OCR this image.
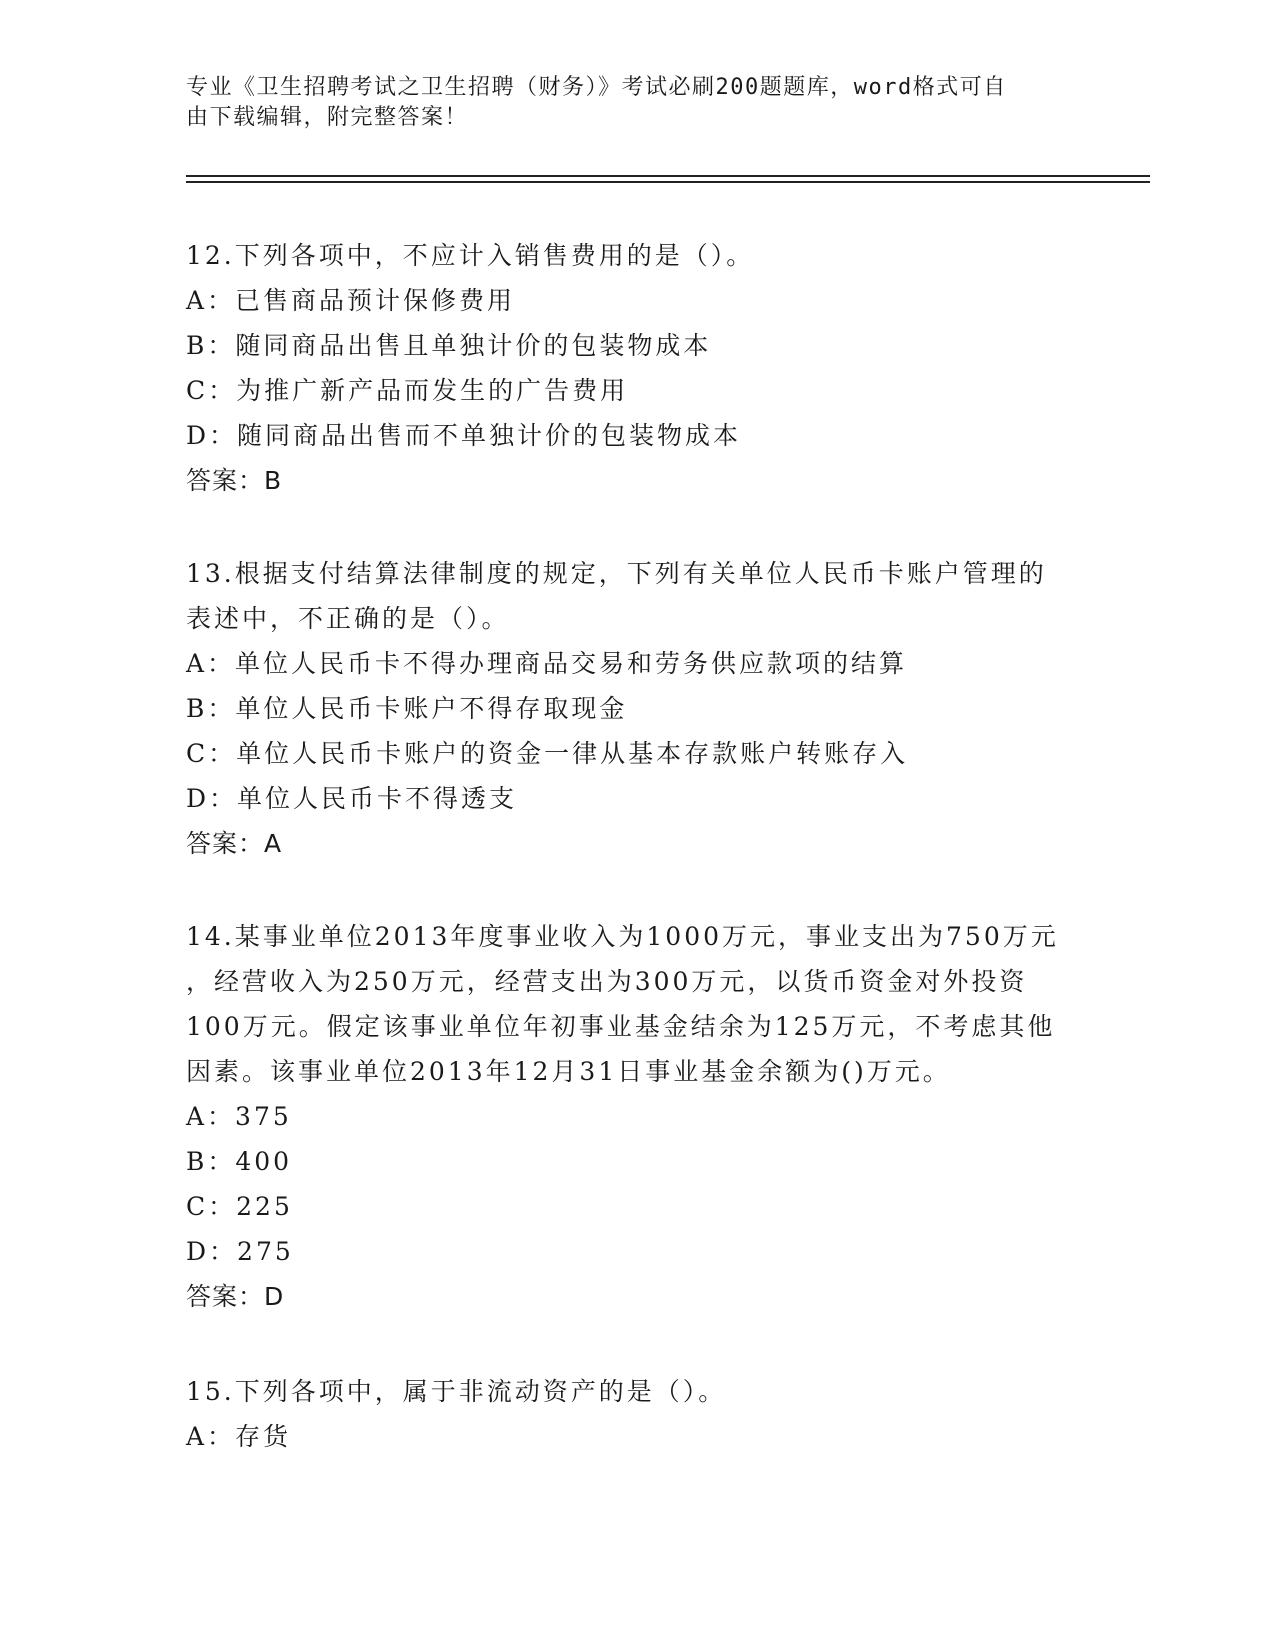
专业《卫生招聘考试之卫生招聘（财务）》考试必刷200题题库，word格式可自
由下载编辑，附完整答案！
12.下列各项中，不应计入销售费用的是（）。
A：已售商品预计保修费用
B：随同商品出售且单独计价的包装物成本
C：为推广新产品而发生的广告费用
D：随同商品出售而不单独计价的包装物成本
答案：B
13.根据支付结算法律制度的规定，下列有关单位人民币卡账户管理的
表述中，不正确的是（）。
A：单位人民币卡不得办理商品交易和劳务供应款项的结算
B：单位人民币卡账户不得存取现金
C：单位人民币卡账户的资金一律从基本存款账户转账存入
D：单位人民币卡不得透支
答案：A
14.某事业单位2013年度事业收入为1000万元，事业支出为750万元
，经营收入为250万元，经营支出为300万元，以货币资金对外投资
100万元。假定该事业单位年初事业基金结余为125万元，不考虑其他
因素。该事业单位2013年12月31日事业基金余额为()万元。
A：375
B：400
C：225
D：275
答案：D
15.下列各项中，属于非流动资产的是（）。
A：存货
